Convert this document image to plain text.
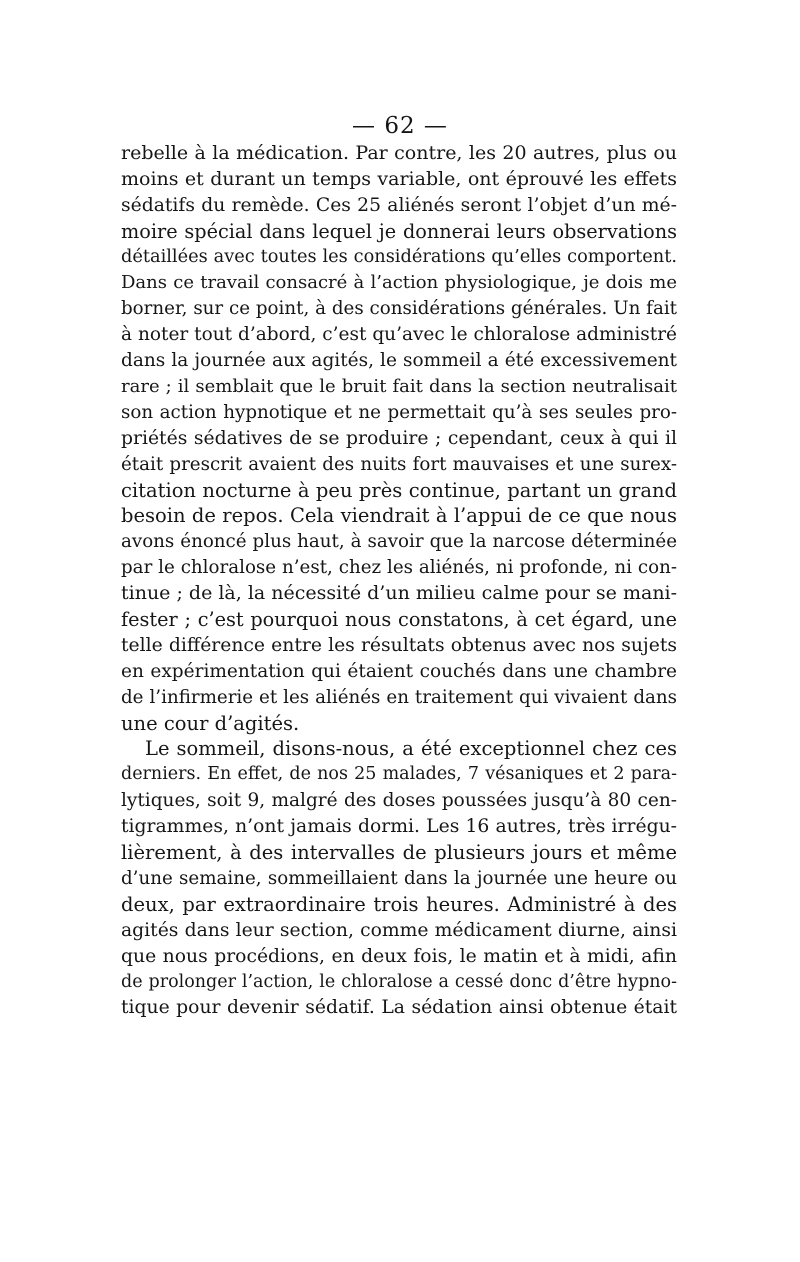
— 62 —

rebelle à la médication. Par contre, les 20 autres, plus ou
moins et durant un temps variable, ont éprouvé les effets
sédatifs du remède. Ces 25 aliénés seront l’objet d’un mé-
moire spécial dans lequel je donnerai leurs observations
détaillées avec toutes les considérations qu’elles comportent.
Dans ce travail consacré à l’action physiologique, je dois me
borner, sur ce point, à des considérations générales. Un fait
à noter tout d’abord, c’est qu’avec le chloralose administré
dans la journée aux agités, le sommeil a été excessivement
rare ; il semblait que le bruit fait dans la section neutralisait
son action hypnotique et ne permettait qu’à ses seules pro-
priétés sédatives de se produire ; cependant, ceux à qui il
était prescrit avaient des nuits fort mauvaises et une surex-
citation nocturne à peu près continue, partant un grand
besoin de repos. Cela viendrait à l’appui de ce que nous
avons énoncé plus haut, à savoir que la narcose déterminée
par le chloralose n’est, chez les aliénés, ni profonde, ni con-
tinue ; de là, la nécessité d’un milieu calme pour se mani-
fester ; c’est pourquoi nous constatons, à cet égard, une
telle différence entre les résultats obtenus avec nos sujets
en expérimentation qui étaient couchés dans une chambre
de l’infirmerie et les aliénés en traitement qui vivaient dans
une cour d’agités.
Le sommeil, disons-nous, a été exceptionnel chez ces
derniers. En effet, de nos 25 malades, 7 vésaniques et 2 para-
lytiques, soit 9, malgré des doses poussées jusqu’à 80 cen-
tigrammes, n’ont jamais dormi. Les 16 autres, très irrégu-
lièrement, à des intervalles de plusieurs jours et même
d’une semaine, sommeillaient dans la journée une heure ou
deux, par extraordinaire trois heures. Administré à des
agités dans leur section, comme médicament diurne, ainsi
que nous procédions, en deux fois, le matin et à midi, afin
de prolonger l’action, le chloralose a cessé donc d’être hypno-
tique pour devenir sédatif. La sédation ainsi obtenue était
